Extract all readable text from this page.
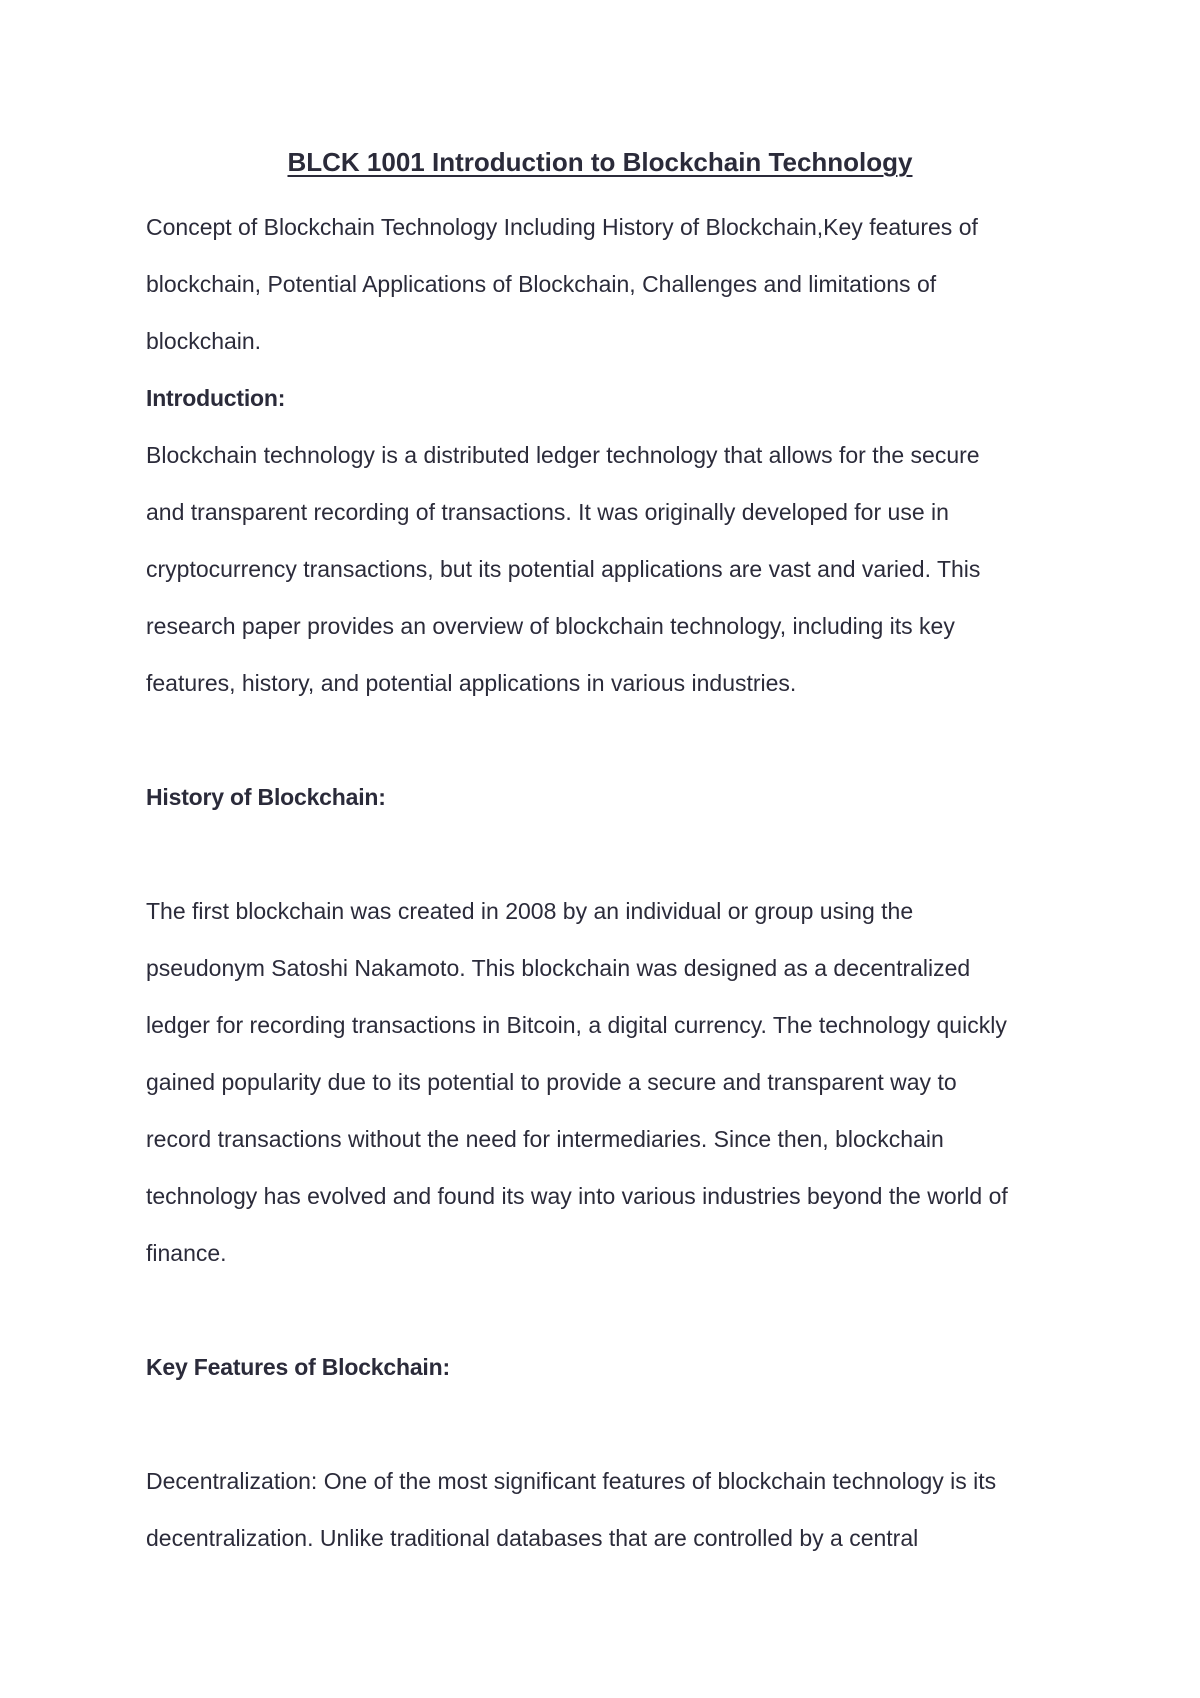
BLCK 1001 Introduction to Blockchain Technology
Concept of Blockchain Technology Including History of Blockchain,Key features of
blockchain, Potential Applications of Blockchain, Challenges and limitations of
blockchain.
Introduction:
Blockchain technology is a distributed ledger technology that allows for the secure
and transparent recording of transactions. It was originally developed for use in
cryptocurrency transactions, but its potential applications are vast and varied. This
research paper provides an overview of blockchain technology, including its key
features, history, and potential applications in various industries.
History of Blockchain:
The first blockchain was created in 2008 by an individual or group using the
pseudonym Satoshi Nakamoto. This blockchain was designed as a decentralized
ledger for recording transactions in Bitcoin, a digital currency. The technology quickly
gained popularity due to its potential to provide a secure and transparent way to
record transactions without the need for intermediaries. Since then, blockchain
technology has evolved and found its way into various industries beyond the world of
finance.
Key Features of Blockchain:
Decentralization: One of the most significant features of blockchain technology is its
decentralization. Unlike traditional databases that are controlled by a central
